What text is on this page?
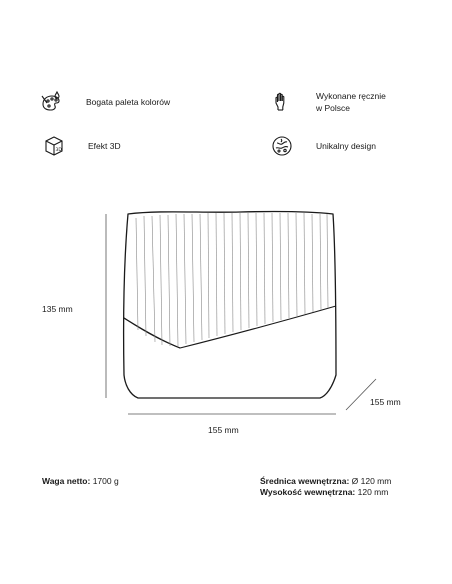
Bogata paleta kolorów
Wykonane ręcznie
w Polsce
3D	Efekt 3D	Unikalny design
135 mm
155 mm
155 mm
Waga netto: 1700 g	Średnica wewnętrzna: Ø 120 mm
Wysokość wewnętrzna: 120 mm
